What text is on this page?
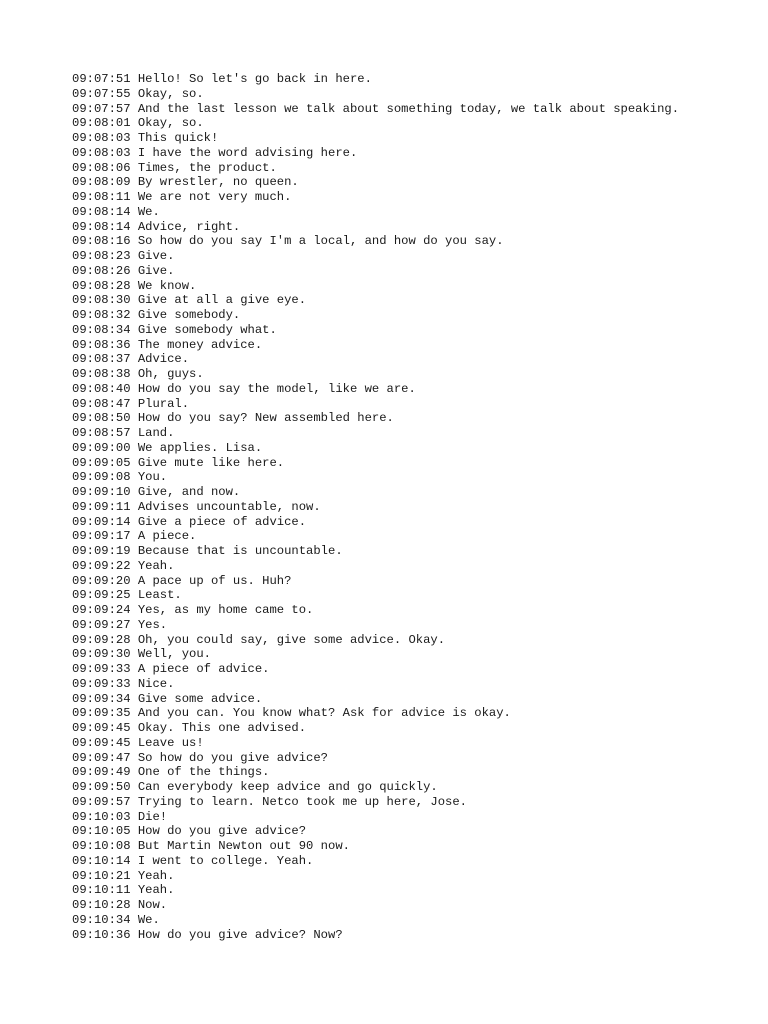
09:07:51 Hello! So let's go back in here.
09:07:55 Okay, so.
09:07:57 And the last lesson we talk about something today, we talk about speaking.
09:08:01 Okay, so.
09:08:03 This quick!
09:08:03 I have the word advising here.
09:08:06 Times, the product.
09:08:09 By wrestler, no queen.
09:08:11 We are not very much.
09:08:14 We.
09:08:14 Advice, right.
09:08:16 So how do you say I'm a local, and how do you say.
09:08:23 Give.
09:08:26 Give.
09:08:28 We know.
09:08:30 Give at all a give eye.
09:08:32 Give somebody.
09:08:34 Give somebody what.
09:08:36 The money advice.
09:08:37 Advice.
09:08:38 Oh, guys.
09:08:40 How do you say the model, like we are.
09:08:47 Plural.
09:08:50 How do you say? New assembled here.
09:08:57 Land.
09:09:00 We applies. Lisa.
09:09:05 Give mute like here.
09:09:08 You.
09:09:10 Give, and now.
09:09:11 Advises uncountable, now.
09:09:14 Give a piece of advice.
09:09:17 A piece.
09:09:19 Because that is uncountable.
09:09:22 Yeah.
09:09:20 A pace up of us. Huh?
09:09:25 Least.
09:09:24 Yes, as my home came to.
09:09:27 Yes.
09:09:28 Oh, you could say, give some advice. Okay.
09:09:30 Well, you.
09:09:33 A piece of advice.
09:09:33 Nice.
09:09:34 Give some advice.
09:09:35 And you can. You know what? Ask for advice is okay.
09:09:45 Okay. This one advised.
09:09:45 Leave us!
09:09:47 So how do you give advice?
09:09:49 One of the things.
09:09:50 Can everybody keep advice and go quickly.
09:09:57 Trying to learn. Netco took me up here, Jose.
09:10:03 Die!
09:10:05 How do you give advice?
09:10:08 But Martin Newton out 90 now.
09:10:14 I went to college. Yeah.
09:10:21 Yeah.
09:10:11 Yeah.
09:10:28 Now.
09:10:34 We.
09:10:36 How do you give advice? Now?
